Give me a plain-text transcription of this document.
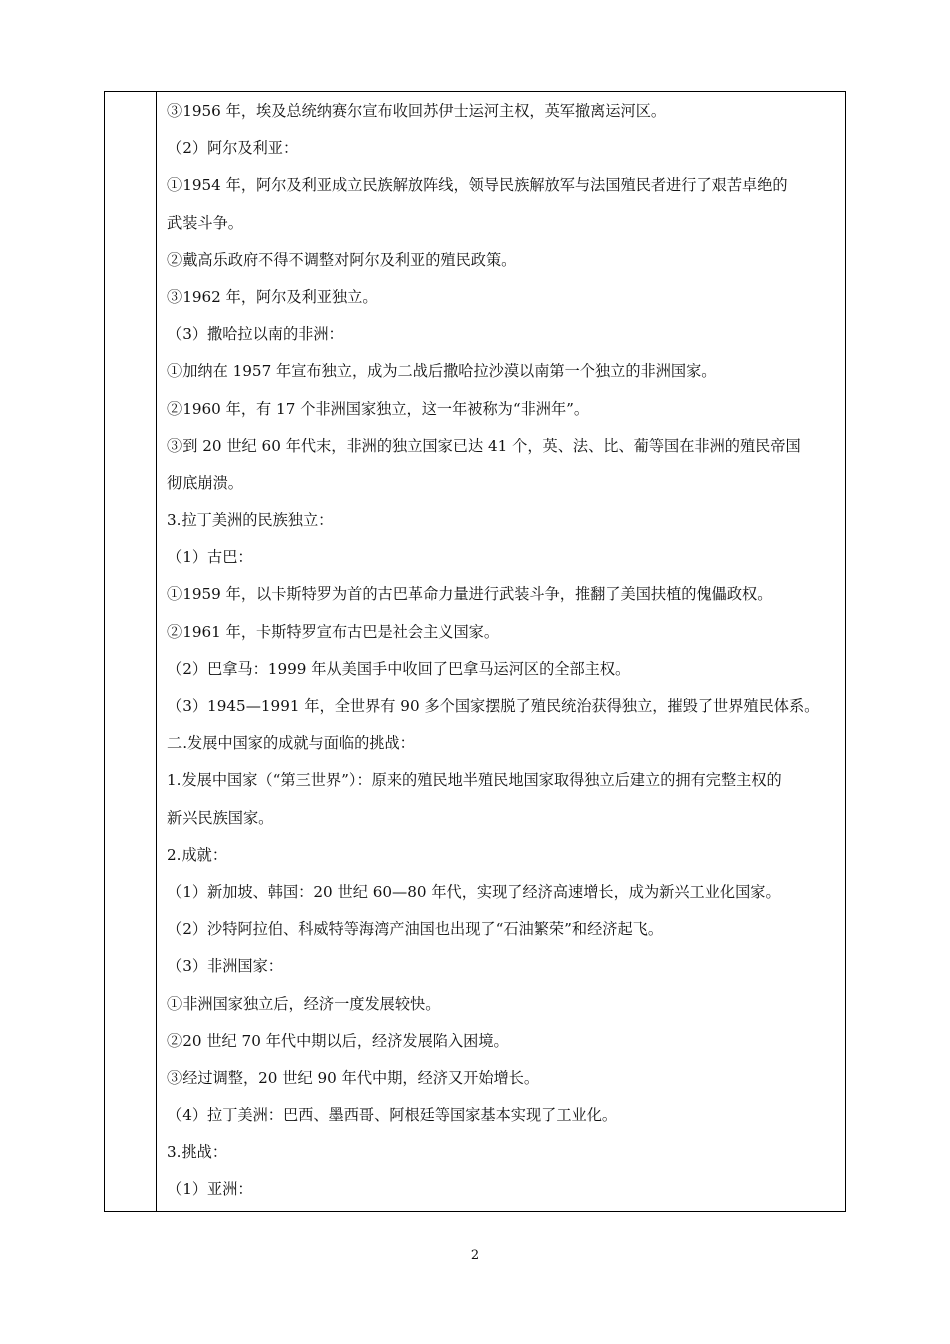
③1956 年，埃及总统纳赛尔宣布收回苏伊士运河主权，英军撤离运河区。
（2）阿尔及利亚：
①1954 年，阿尔及利亚成立民族解放阵线，领导民族解放军与法国殖民者进行了艰苦卓绝的
武装斗争。
②戴高乐政府不得不调整对阿尔及利亚的殖民政策。
③1962 年，阿尔及利亚独立。
（3）撒哈拉以南的非洲：
①加纳在 1957 年宣布独立，成为二战后撒哈拉沙漠以南第一个独立的非洲国家。
②1960 年，有 17 个非洲国家独立，这一年被称为“非洲年”。
③到 20 世纪 60 年代末，非洲的独立国家已达 41 个，英、法、比、葡等国在非洲的殖民帝国
彻底崩溃。
3.拉丁美洲的民族独立：
（1）古巴：
①1959 年，以卡斯特罗为首的古巴革命力量进行武装斗争，推翻了美国扶植的傀儡政权。
②1961 年，卡斯特罗宣布古巴是社会主义国家。
（2）巴拿马：1999 年从美国手中收回了巴拿马运河区的全部主权。
（3）1945—1991 年，全世界有 90 多个国家摆脱了殖民统治获得独立，摧毁了世界殖民体系。
二.发展中国家的成就与面临的挑战：
1.发展中国家（“第三世界”）：原来的殖民地半殖民地国家取得独立后建立的拥有完整主权的
新兴民族国家。
2.成就：
（1）新加坡、韩国：20 世纪 60—80 年代，实现了经济高速增长，成为新兴工业化国家。
（2）沙特阿拉伯、科威特等海湾产油国也出现了“石油繁荣”和经济起飞。
（3）非洲国家：
①非洲国家独立后，经济一度发展较快。
②20 世纪 70 年代中期以后，经济发展陷入困境。
③经过调整，20 世纪 90 年代中期，经济又开始增长。
（4）拉丁美洲：巴西、墨西哥、阿根廷等国家基本实现了工业化。
3.挑战：
（1）亚洲：
2
